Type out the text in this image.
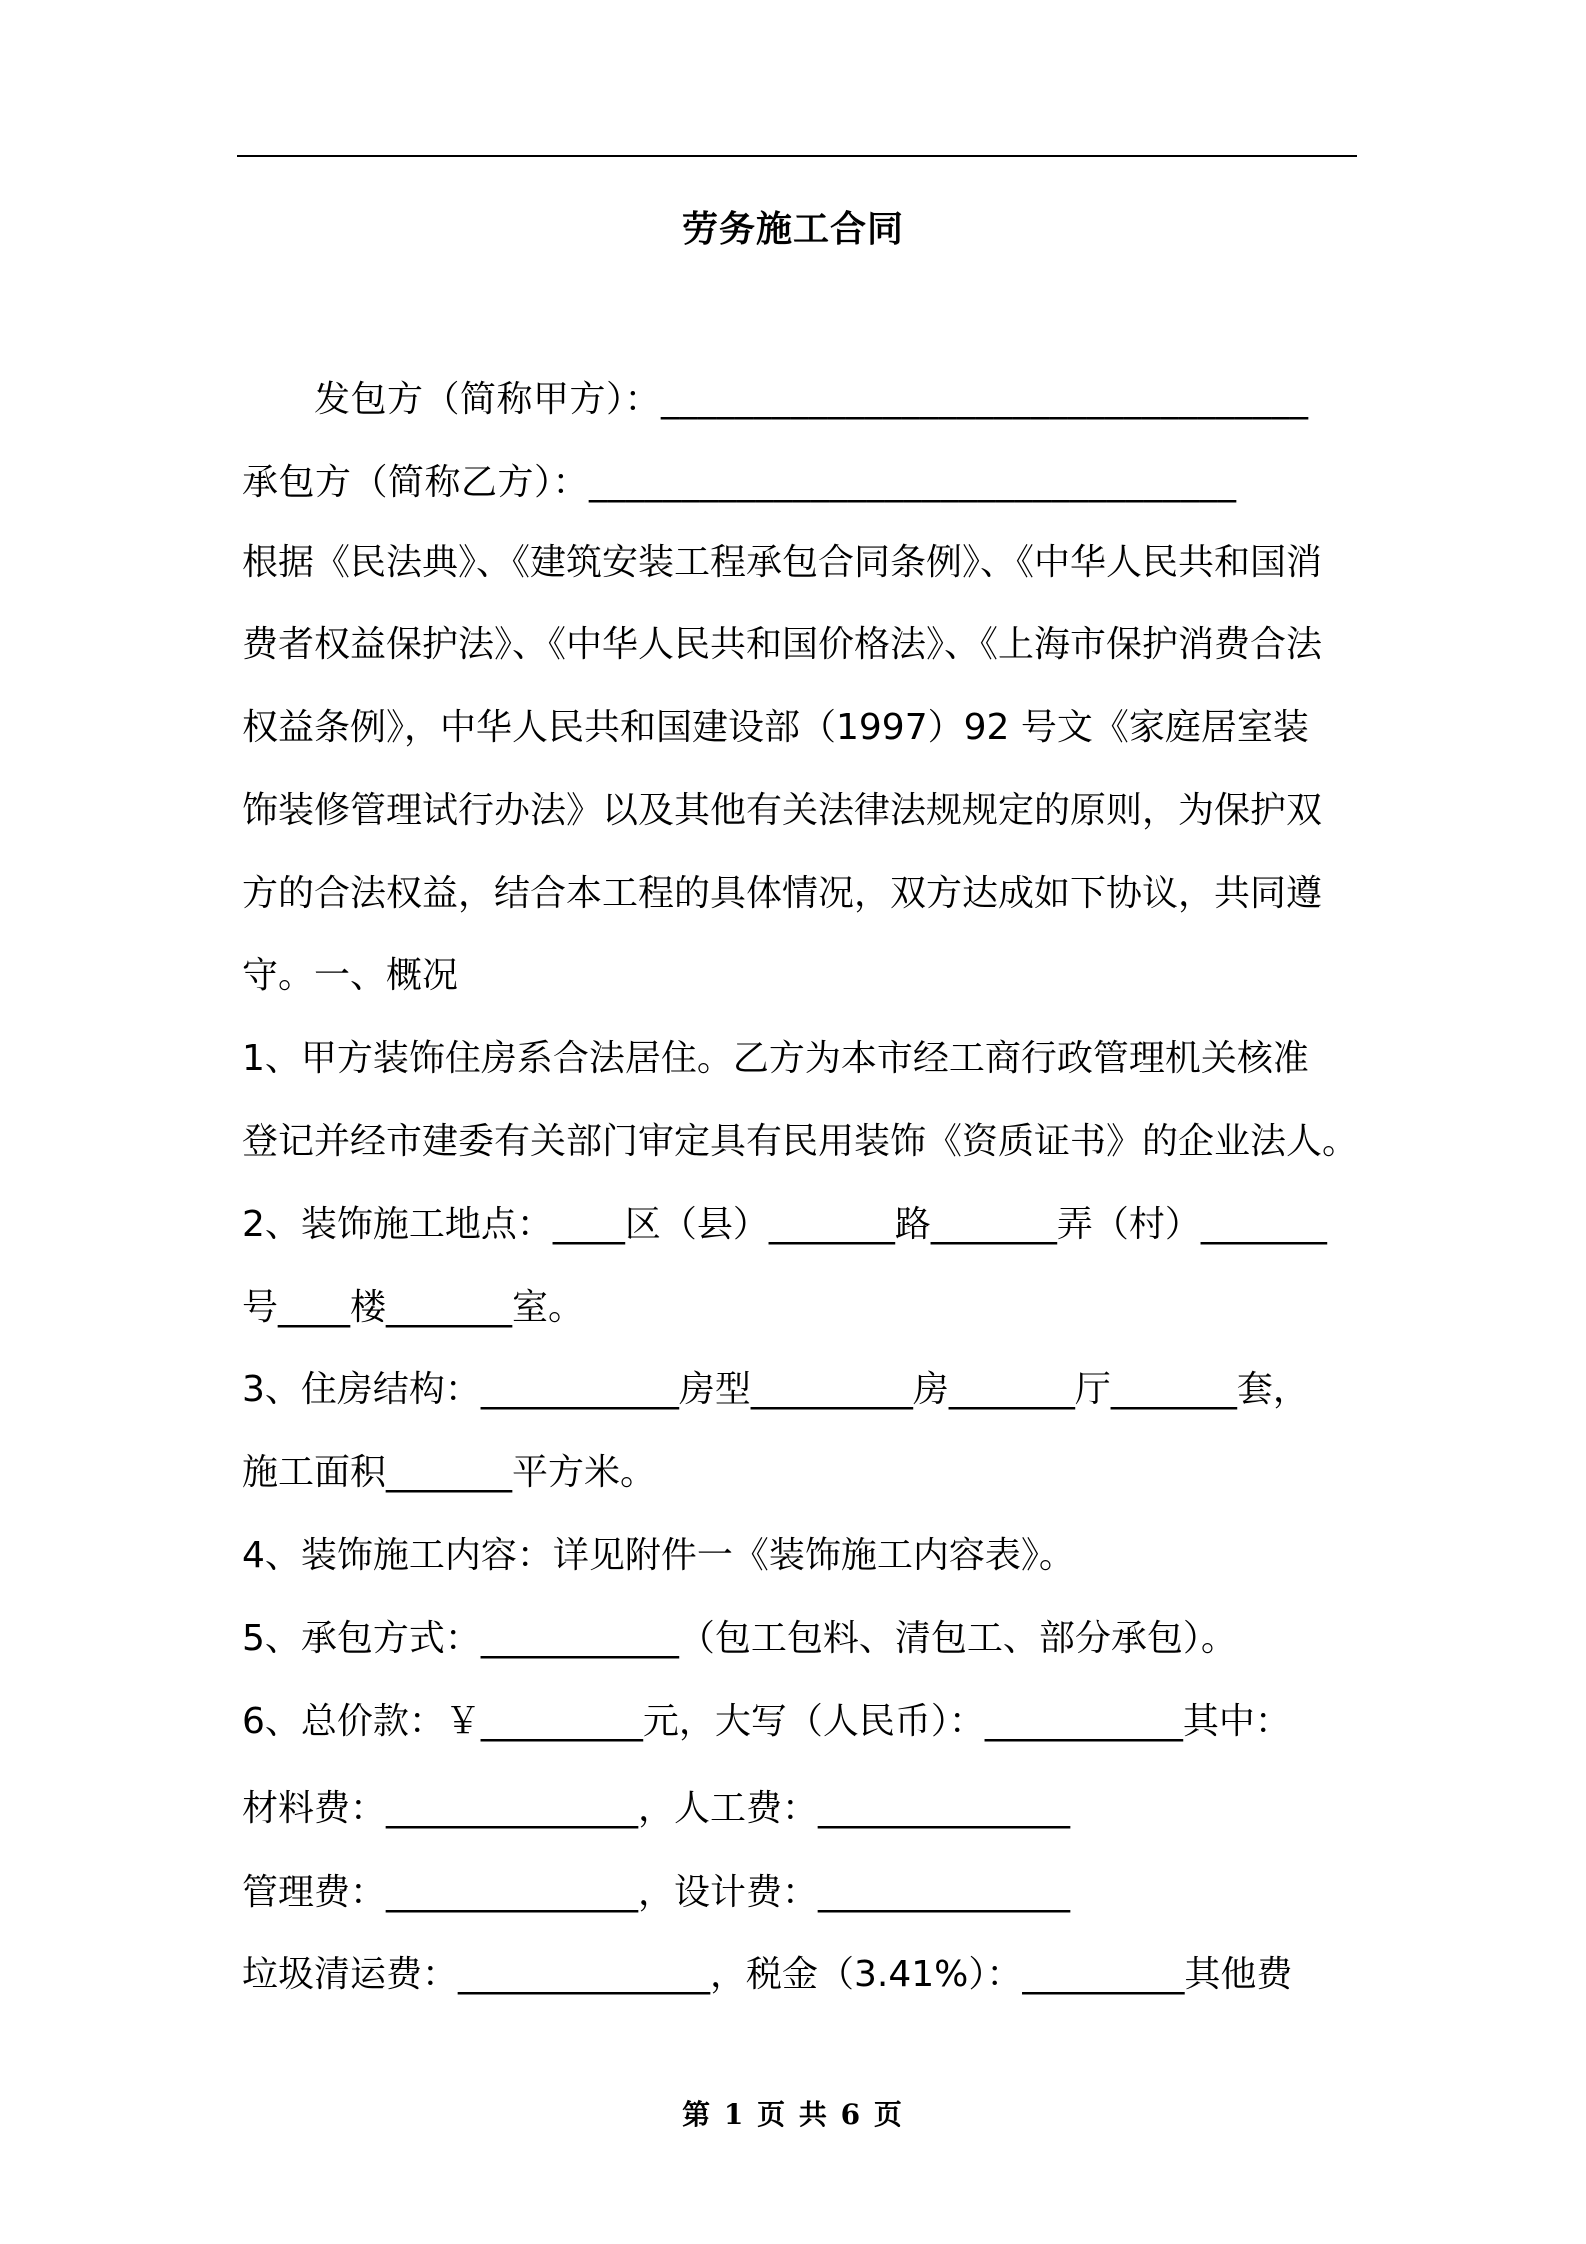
劳务施工合同
发包方（简称甲方）：___________________________________
承包方（简称乙方）：___________________________________
根据《民法典》、《建筑安装工程承包合同条例》、《中华人民共和国消
费者权益保护法》、《中华人民共和国价格法》、《上海市保护消费合法
权益条例》，中华人民共和国建设部（1997）92 号文《家庭居室装
饰装修管理试行办法》以及其他有关法律法规规定的原则，为保护双
方的合法权益，结合本工程的具体情况，双方达成如下协议，共同遵
守。一、概况
1、甲方装饰住房系合法居住。乙方为本市经工商行政管理机关核准
登记并经市建委有关部门审定具有民用装饰《资质证书》的企业法人。
2、装饰施工地点：____区（县）_______路_______弄（村）_______
号____楼_______室。
3、住房结构：___________房型_________房_______厅_______套，
施工面积_______平方米。
4、装饰施工内容：详见附件一《装饰施工内容表》。
5、承包方式：___________（包工包料、清包工、部分承包）。
6、总价款：￥_________元，大写（人民币）：___________其中：
材料费：______________，人工费：______________
管理费：______________，设计费：______________
垃圾清运费：______________，税金（3.41%）：_________其他费
第 1 页 共 6 页
